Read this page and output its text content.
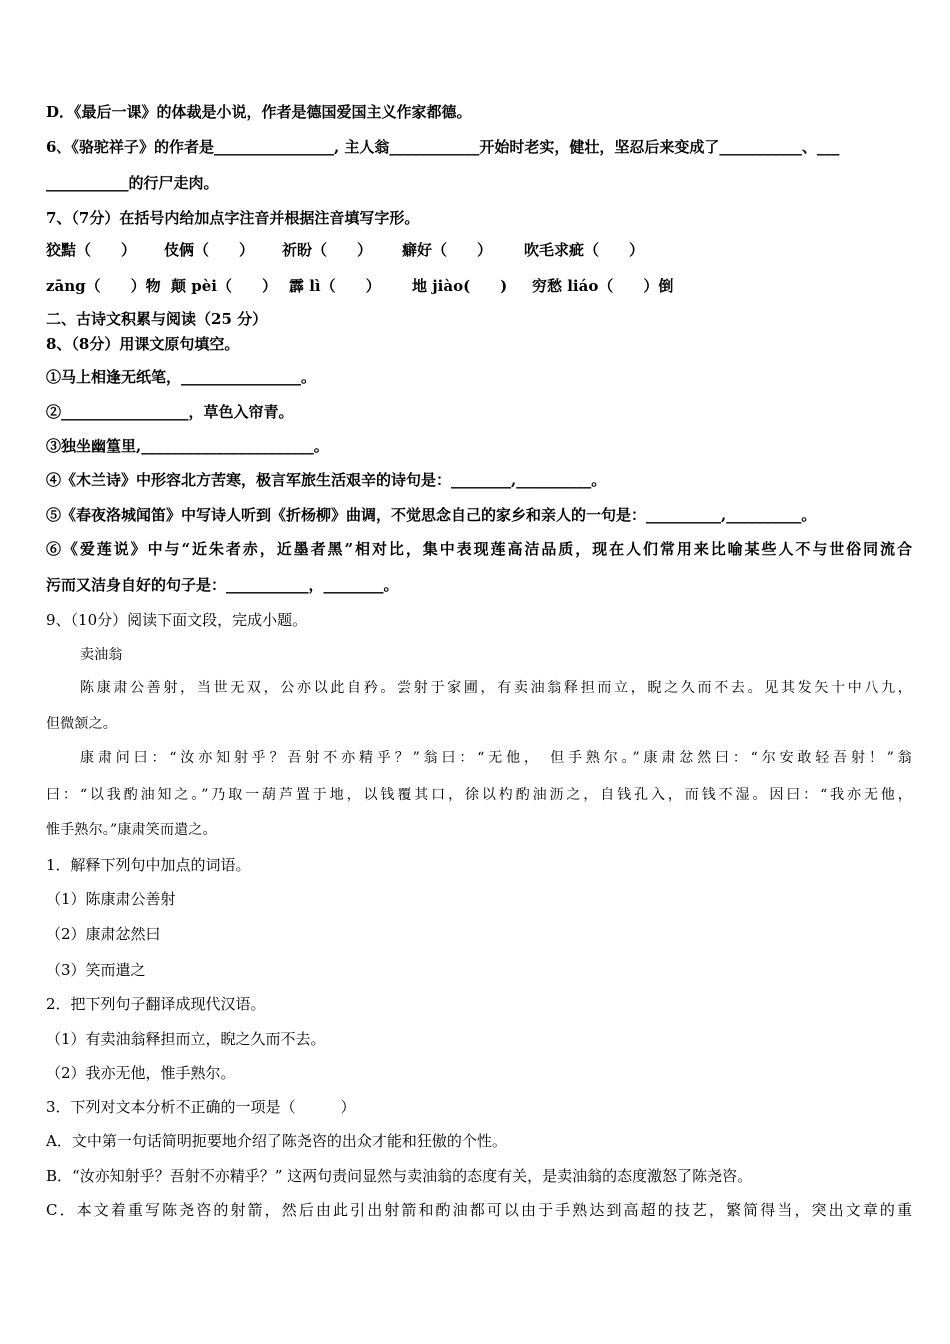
D．《最后一课》的体裁是小说，作者是德国爱国主义作家都德。
6､《骆驼祥子》的作者是________________, 主人翁____________开始时老实，健壮，坚忍后来变成了___________、___
___________的行尸走肉。
7、（7分）在括号内给加点字注音并根据注音填写字形。
狡黠（　　） 伎俩（　　） 祈盼（　　） 癖好（　　） 吹毛求疵（　　）
zāng（　　）物 颠 pèi（　　） 霹 lì（　　） 地 jiào(　　) 穷愁 liáo（　　）倒
二、古诗文积累与阅读（25 分）
8、（8分）用课文原句填空。
①马上相逢无纸笔，________________。
②_________________，草色入帘青。
③独坐幽篁里,_______________________。
④《木兰诗》中形容北方苦寒，极言军旅生活艰辛的诗句是：________,__________。
⑤《春夜洛城闻笛》中写诗人听到《折杨柳》曲调，不觉思念自己的家乡和亲人的一句是：__________,__________。
⑥《爱莲说》中与“近朱者赤，近墨者黑”相对比，集中表现莲高洁品质，现在人们常用来比喻某些人不与世俗同流合
污而又洁身自好的句子是：___________，________。
9、（10分）阅读下面文段，完成小题。
卖油翁
陈康肃公善射，当世无双，公亦以此自矜。尝射于家圃，有卖油翁释担而立，睨之久而不去。见其发矢十中八九，
但微颔之。
康肃问曰：“汝亦知射乎？吾射不亦精乎？”翁曰：“无他， 但手熟尔。”康肃忿然曰：“尔安敢轻吾射！”翁
曰：“以我酌油知之。”乃取一葫芦置于地，以钱覆其口，徐以杓酌油沥之，自钱孔入，而钱不湿。因曰：“我亦无他，
惟手熟尔。”康肃笑而遣之。
1．解释下列句中加点的词语。
（1）陈康肃公善射
（2）康肃忿然曰
（3）笑而遣之
2．把下列句子翻译成现代汉语。
（1）有卖油翁释担而立，睨之久而不去。
（2）我亦无他，惟手熟尔。
3．下列对文本分析不正确的一项是（　　　）
A．文中第一句话简明扼要地介绍了陈尧咨的出众才能和狂傲的个性。
B．“汝亦知射乎？吾射不亦精乎？” 这两句责问显然与卖油翁的态度有关，是卖油翁的态度激怒了陈尧咨。
C．本文着重写陈尧咨的射箭，然后由此引出射箭和酌油都可以由于手熟达到高超的技艺，繁简得当，突出文章的重
